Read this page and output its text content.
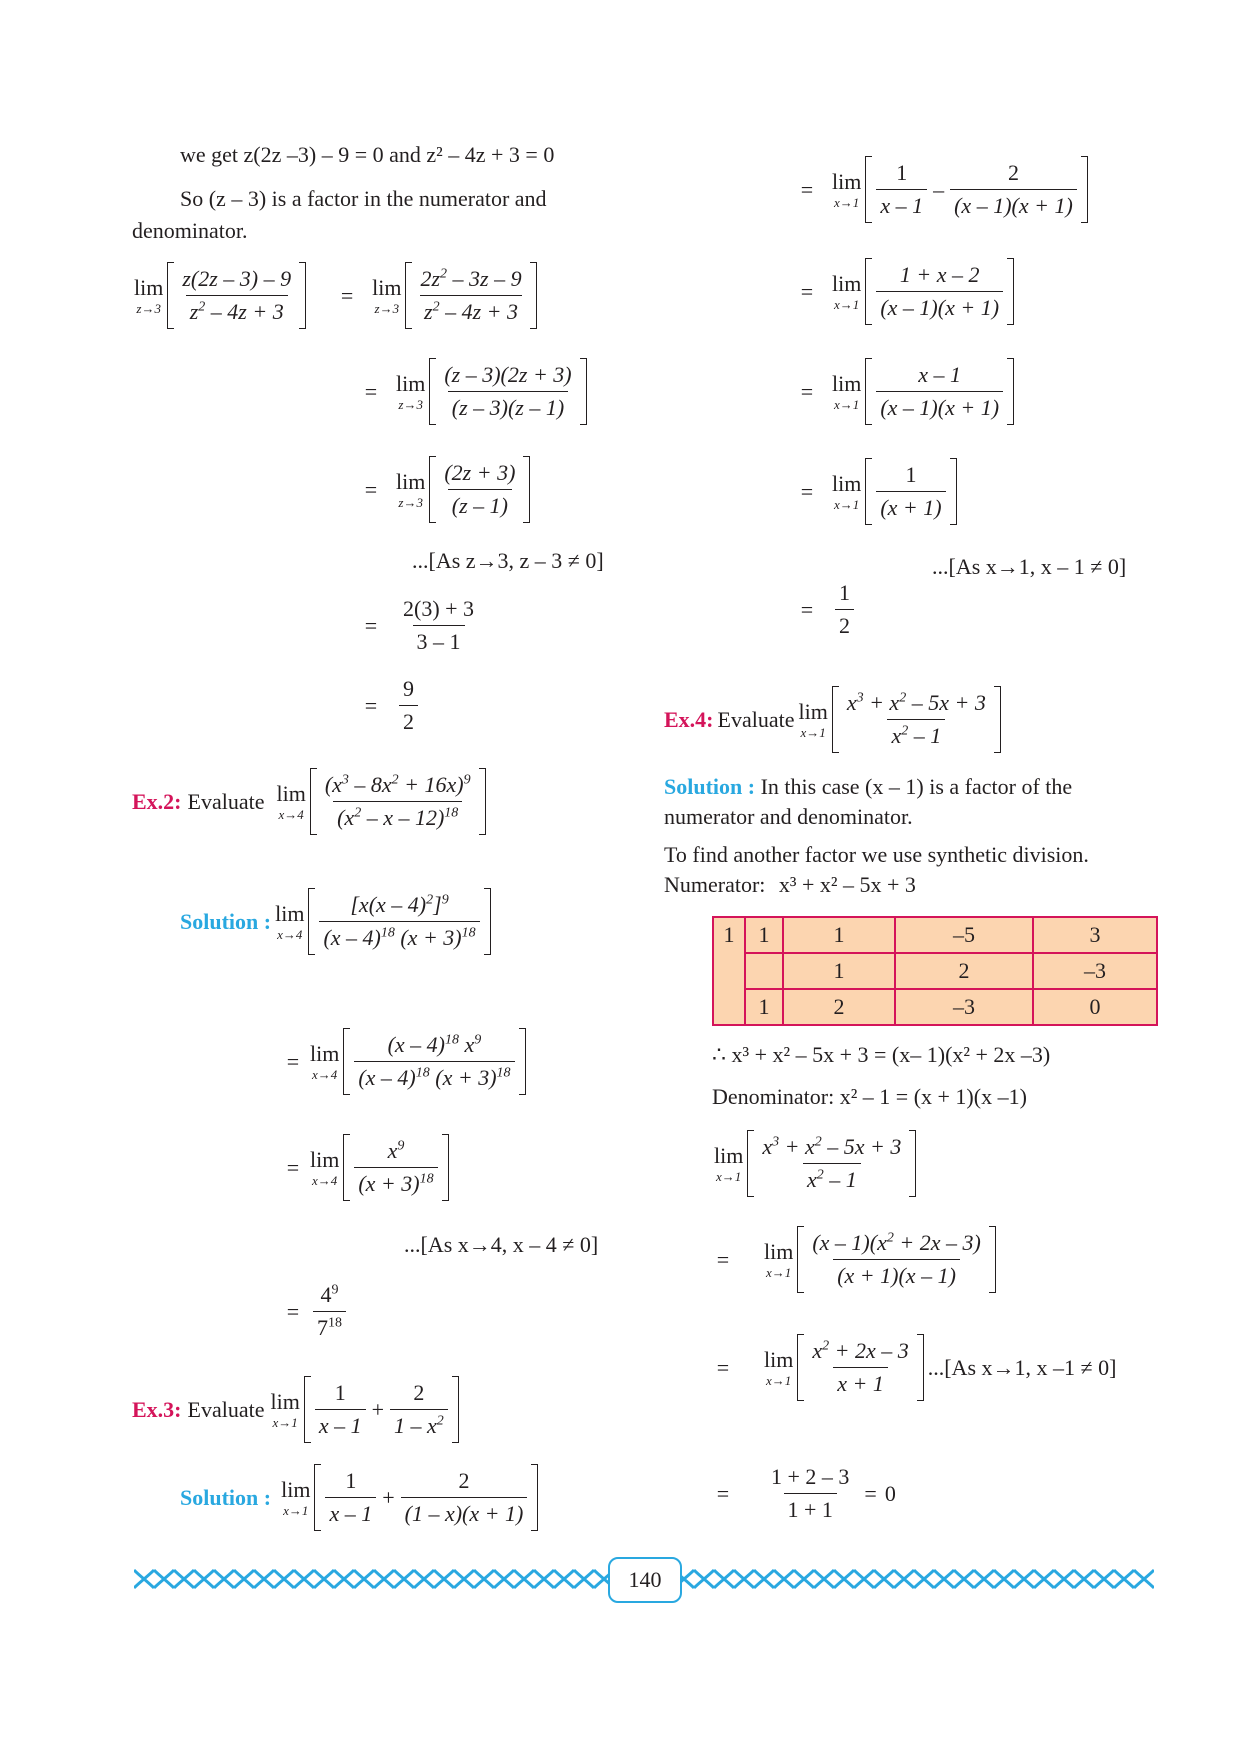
we get z(2z –3) – 9 = 0 and z² – 4z + 3 = 0
So (z – 3) is a factor in the numerator and
denominator.
lim
z→3
z(2z – 3) – 9
$z^2 - 4z + 3$
= lim
z→3
$2z^2 - 3z - 9$
$z^2 - 4z + 3$
= lim
z→3
(z – 3)(2z + 3)
(z – 3)(z – 1)
= lim
z→3
(2z + 3)
(z – 1)
...[As z→3, z – 3 ≠ 0]
= $\frac{2(3) + 3}{3 - 1}$
= $\frac{9}{2}$
Ex.2: Evaluate lim
x→4
$(x^3 - 8x^2 + 16x)^9$
($x^2$ – x – 12)$^{18}$
Solution : lim
x→4
[x(x – 4)$^2$]$^9$
(x – 4)$^{18}$ $(x + 3)^{18}$
= lim
x→4
(x – 4)$^{18}$ $x^9$
(x – 4)$^{18}$ $(x + 3)^{18}$
= lim
x→4
$x^9$
$(x + 3)^{18}$
...[As x→4, x – 4 ≠ 0]
= $\frac{4^9}{7^{18}}$
Ex.3: Evaluate lim
x→1
1
x – 1
+ $\frac{2}{1 - x^2}$
Solution : lim
x→1
1
x – 1
+ $\frac{2}{(1 - x)(x + 1)}$
= lim
x→1
1
x – 1
–
2
(x – 1)(x + 1)
= lim
x→1
1 + x – 2
(x – 1)(x + 1)
= lim
x→1
x – 1
(x – 1)(x + 1)
= lim
x→1
1
(x + 1)
...[As x→1, x – 1 ≠ 0]
= $\frac{1}{2}$
Ex.4: Evaluate lim
x→1
$x^3 + x^2 - 5x + 3$
$x^2 - 1$
Solution : In this case (x – 1) is a factor of the
numerator and denominator.
To find another factor we use synthetic division.
Numerator: x³ + x² – 5x + 3
1	1	1	–5	3
		1	2	–3
	1	2	–3	0
∴ x³ + x² – 5x + 3 = (x– 1)(x² + 2x –3)
Denominator: x² – 1 = (x + 1)(x –1)
lim
x→1
$x^3 + x^2 - 5x + 3$
$x^2 - 1$
= lim
x→1
$(x - 1)(x^2 + 2x - 3)$
(x + 1)(x – 1)
= lim
x→1
$x^2 + 2x - 3$
x + 1
...[As x→1, x –1 ≠ 0]
= $\frac{1 + 2 - 3}{1 + 1} = 0$
140
